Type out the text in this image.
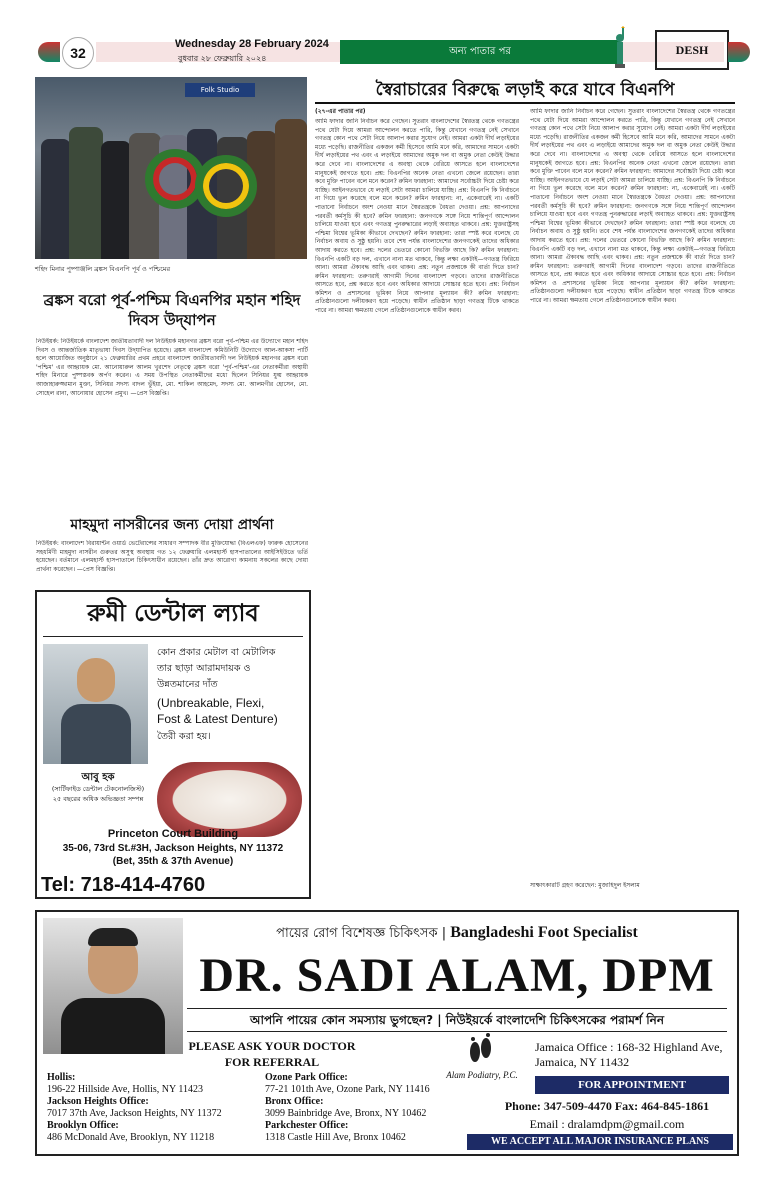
32
Wednesday 28 February 2024
বুধবার ২৮ ফেব্রুয়ারি ২০২৪
অন্য পাতার পর	DESH
Folk Studio
শহিদ মিনার পুষ্পাঞ্জলি ব্রঙ্কস বিএনপি পূর্ব ও পশ্চিমের
স্বৈরাচারের বিরুদ্ধে লড়াই করে যাবে বিএনপি
(২৭-এর পাতার পর)
আমি ফাদার জানি নির্বাচন করে গেছেন। সুতরাং বাংলাদেশের স্বৈরতন্ত্র থেকে গণতন্ত্রের পথে যেটা দিয়ে আমরা আন্দোলন করতে পারি, কিন্তু যেখানে গণতন্ত্র নেই সেখানে গণতন্ত্র কোন পথে সেটা নিয়ে আলাপ করার সুযোগ নেই। আমরা একটা দীর্ঘ লড়াইয়ের মধ্যে পড়েছি। রাজনীতির একজন কর্মী হিসেবে আমি মনে করি, আমাদের সামনে একটা দীর্ঘ লড়াইয়ের পথ এবং এ লড়াইয়ে আমাদের অমুক দল বা অমুক নেতা কেউই উদ্ধার করে দেবে না। বাংলাদেশের এ অবস্থা থেকে বেরিয়ে আসতে হলে বাংলাদেশের মানুষকেই জাগতে হবে। প্রশ্ন: বিএনপির অনেক নেতা এখনো জেলে রয়েছেন। তারা কবে মুক্তি পাবেন বলে মনে করেন? রুমিন ফারহানা: আমাদের সর্বোচ্চটা দিয়ে চেষ্টা করে যাচ্ছি। আইনগতভাবে যে লড়াই সেটা আমরা চালিয়ে যাচ্ছি। প্রশ্ন: বিএনপি কি নির্বাচনে না গিয়ে ভুল করেছে বলে মনে করেন? রুমিন ফারহানা: না, একেবারেই না। একটি পাতানো নির্বাচনে অংশ নেওয়া মানে স্বৈরতন্ত্রকে বৈধতা দেওয়া। প্রশ্ন: আপনাদের পরবর্তী কর্মসূচি কী হবে? রুমিন ফারহানা: জনগণকে সঙ্গে নিয়ে শান্তিপূর্ণ আন্দোলন চালিয়ে যাওয়া হবে এবং গণতন্ত্র পুনরুদ্ধারের লড়াই অব্যাহত থাকবে। প্রশ্ন: যুক্তরাষ্ট্রসহ পশ্চিমা বিশ্বের ভূমিকা কীভাবে দেখছেন? রুমিন ফারহানা: তারা স্পষ্ট করে বলেছে যে নির্বাচন অবাধ ও সুষ্ঠু হয়নি। তবে শেষ পর্যন্ত বাংলাদেশের জনগণকেই তাদের অধিকার আদায় করতে হবে। প্রশ্ন: দলের ভেতরে কোনো বিভক্তি আছে কি? রুমিন ফারহানা: বিএনপি একটি বড় দল, এখানে নানা মত থাকবে, কিন্তু লক্ষ্য একটাই—গণতন্ত্র ফিরিয়ে আনা। আমরা ঐক্যবদ্ধ আছি এবং থাকব। প্রশ্ন: নতুন প্রজন্মকে কী বার্তা দিতে চান? রুমিন ফারহানা: তরুণরাই আগামী দিনের বাংলাদেশ গড়বে। তাদের রাজনীতিতে আসতে হবে, প্রশ্ন করতে হবে এবং অধিকার আদায়ে সোচ্চার হতে হবে। প্রশ্ন: নির্বাচন কমিশন ও প্রশাসনের ভূমিকা নিয়ে আপনার মূল্যায়ন কী? রুমিন ফারহানা: প্রতিষ্ঠানগুলো দলীয়করণ হয়ে পড়েছে। স্বাধীন প্রতিষ্ঠান ছাড়া গণতন্ত্র টিকে থাকতে পারে না। আমরা ক্ষমতায় গেলে প্রতিষ্ঠানগুলোকে স্বাধীন করব।
আমি ফাদার জানি নির্বাচন করে গেছেন। সুতরাং বাংলাদেশের স্বৈরতন্ত্র থেকে গণতন্ত্রের পথে যেটা দিয়ে আমরা আন্দোলন করতে পারি, কিন্তু যেখানে গণতন্ত্র নেই সেখানে গণতন্ত্র কোন পথে সেটা নিয়ে আলাপ করার সুযোগ নেই। আমরা একটা দীর্ঘ লড়াইয়ের মধ্যে পড়েছি। রাজনীতির একজন কর্মী হিসেবে আমি মনে করি, আমাদের সামনে একটা দীর্ঘ লড়াইয়ের পথ এবং এ লড়াইয়ে আমাদের অমুক দল বা অমুক নেতা কেউই উদ্ধার করে দেবে না। বাংলাদেশের এ অবস্থা থেকে বেরিয়ে আসতে হলে বাংলাদেশের মানুষকেই জাগতে হবে। প্রশ্ন: বিএনপির অনেক নেতা এখনো জেলে রয়েছেন। তারা কবে মুক্তি পাবেন বলে মনে করেন? রুমিন ফারহানা: আমাদের সর্বোচ্চটা দিয়ে চেষ্টা করে যাচ্ছি। আইনগতভাবে যে লড়াই সেটা আমরা চালিয়ে যাচ্ছি। প্রশ্ন: বিএনপি কি নির্বাচনে না গিয়ে ভুল করেছে বলে মনে করেন? রুমিন ফারহানা: না, একেবারেই না। একটি পাতানো নির্বাচনে অংশ নেওয়া মানে স্বৈরতন্ত্রকে বৈধতা দেওয়া। প্রশ্ন: আপনাদের পরবর্তী কর্মসূচি কী হবে? রুমিন ফারহানা: জনগণকে সঙ্গে নিয়ে শান্তিপূর্ণ আন্দোলন চালিয়ে যাওয়া হবে এবং গণতন্ত্র পুনরুদ্ধারের লড়াই অব্যাহত থাকবে। প্রশ্ন: যুক্তরাষ্ট্রসহ পশ্চিমা বিশ্বের ভূমিকা কীভাবে দেখছেন? রুমিন ফারহানা: তারা স্পষ্ট করে বলেছে যে নির্বাচন অবাধ ও সুষ্ঠু হয়নি। তবে শেষ পর্যন্ত বাংলাদেশের জনগণকেই তাদের অধিকার আদায় করতে হবে। প্রশ্ন: দলের ভেতরে কোনো বিভক্তি আছে কি? রুমিন ফারহানা: বিএনপি একটি বড় দল, এখানে নানা মত থাকবে, কিন্তু লক্ষ্য একটাই—গণতন্ত্র ফিরিয়ে আনা। আমরা ঐক্যবদ্ধ আছি এবং থাকব। প্রশ্ন: নতুন প্রজন্মকে কী বার্তা দিতে চান? রুমিন ফারহানা: তরুণরাই আগামী দিনের বাংলাদেশ গড়বে। তাদের রাজনীতিতে আসতে হবে, প্রশ্ন করতে হবে এবং অধিকার আদায়ে সোচ্চার হতে হবে। প্রশ্ন: নির্বাচন কমিশন ও প্রশাসনের ভূমিকা নিয়ে আপনার মূল্যায়ন কী? রুমিন ফারহানা: প্রতিষ্ঠানগুলো দলীয়করণ হয়ে পড়েছে। স্বাধীন প্রতিষ্ঠান ছাড়া গণতন্ত্র টিকে থাকতে পারে না। আমরা ক্ষমতায় গেলে প্রতিষ্ঠানগুলোকে স্বাধীন করব।
সাক্ষাৎকারটি গ্রহণ করেছেন: মুজাহিদুল ইসলাম
ব্রঙ্কস বরো পূর্ব-পশ্চিম বিএনপির মহান শহিদ দিবস উদ্‌যাপন
নিউইয়র্ক: নিউইয়র্কে বাংলাদেশ জাতীয়তাবাদী দল নিউইয়র্ক মহানগর ব্রঙ্কস বরো পূর্ব-পশ্চিম এর উদ্যোগে মহান শহিদ দিবস ও আন্তর্জাতিক মাতৃভাষা দিবস উদ্‌যাপিত হয়েছে। ব্রঙ্কস বাংলাদেশ কমিউনিটি উদ্যোগে আল-আকসা পার্টি হলে আয়োজিত অনুষ্ঠানে ২১ ফেব্রুয়ারির প্রথম প্রহরে বাংলাদেশ জাতীয়তাবাদী দল নিউইয়র্ক মহানগর ব্রঙ্কস বরো 'পশ্চিম' এর আহ্বায়ক মো. আনোয়ারুল আলম খুরশেদ নেতৃত্বে ব্রঙ্কস বরো 'পূর্ব-পশ্চিম'-এর নেতাকর্মীরা অস্থায়ী শহিদ মিনারে পুষ্পস্তবক অর্পণ করেন। এ সময় উপস্থিত নেতাকর্মীদের মধ্যে ছিলেন সিনিয়র যুগ্ম আহ্বায়ক আজাহারুজ্জামান মুক্তা, সিনিয়র সদস্য বাদল ভুঁইয়া, মো. শাকিল আহমেদ, সদস্য মো. আলমগীর হোসেন, মো. সোহেল রানা, আনোয়ার হোসেন প্রমুখ। —প্রেস বিজ্ঞপ্তি।
মাহমুদা নাসরীনের জন্য দোয়া প্রার্থনা
নিউইয়র্ক: বাংলাদেশ বিরায়ান্টন ওয়ার্ড ভেটেরান্সের সাধারণ সম্পাদক বীর মুক্তিযোদ্ধা (বিএলএফ) ফারুক হোসেনের সহধর্মিণী মাহমুদা নাসরীন গুরুতর অসুস্থ অবস্থায় গত ১২ ফেব্রুয়ারি এলমহার্স্ট হাসপাতালের আইসিইউতে ভর্তি হয়েছেন। বর্তমানে এলমহার্স্ট হাসপাতালে চিকিৎসাধীন রয়েছেন। তাঁর দ্রুত আরোগ্য কামনায় সকলের কাছে দোয়া প্রার্থনা করেছেন। —প্রেস বিজ্ঞপ্তি।
রুমী ডেন্টাল ল্যাব
কোন প্রকার মেটাল বা মেটালিক
তার ছাড়া আরামদায়ক ও
উন্নতমানের দাঁত
(Unbreakable, Flexi,
Fost & Latest Denture)
তৈরী করা হয়।
আবু হক
(সার্টিফাইড ডেন্টাল টেকনোলজিস্ট)
২৫ বছরের অধিক অভিজ্ঞতা সম্পন্ন
Princeton Court Building
35-06, 73rd St.#3H, Jackson Heights, NY 11372
(Bet, 35th & 37th Avenue)
Tel: 718-414-4760
পায়ের রোগ বিশেষজ্ঞ চিকিৎসক | Bangladeshi Foot Specialist
DR. SADI ALAM, DPM
আপনি পায়ের কোন সমস্যায় ভুগছেন? | নিউইয়র্কে বাংলাদেশি চিকিৎসকের পরামর্শ নিন
PLEASE ASK YOUR DOCTOR
FOR REFERRAL
Alam Podiatry, P.C.
Jamaica Office : 168-32 Highland Ave,
Jamaica, NY 11432
Hollis:
196-22 Hillside Ave, Hollis, NY 11423
Jackson Heights Office:
7017 37th Ave, Jackson Heights, NY 11372
Brooklyn Office:
486 McDonald Ave, Brooklyn, NY 11218
Ozone Park Office:
77-21 101th Ave, Ozone Park, NY 11416
Bronx Office:
3099 Bainbridge Ave, Bronx, NY 10462
Parkchester Office:
1318 Castle Hill Ave, Bronx 10462
FOR APPOINTMENT
Phone: 347-509-4470 Fax: 464-845-1861
Email : dralamdpm@gmail.com
WE ACCEPT ALL MAJOR INSURANCE PLANS
